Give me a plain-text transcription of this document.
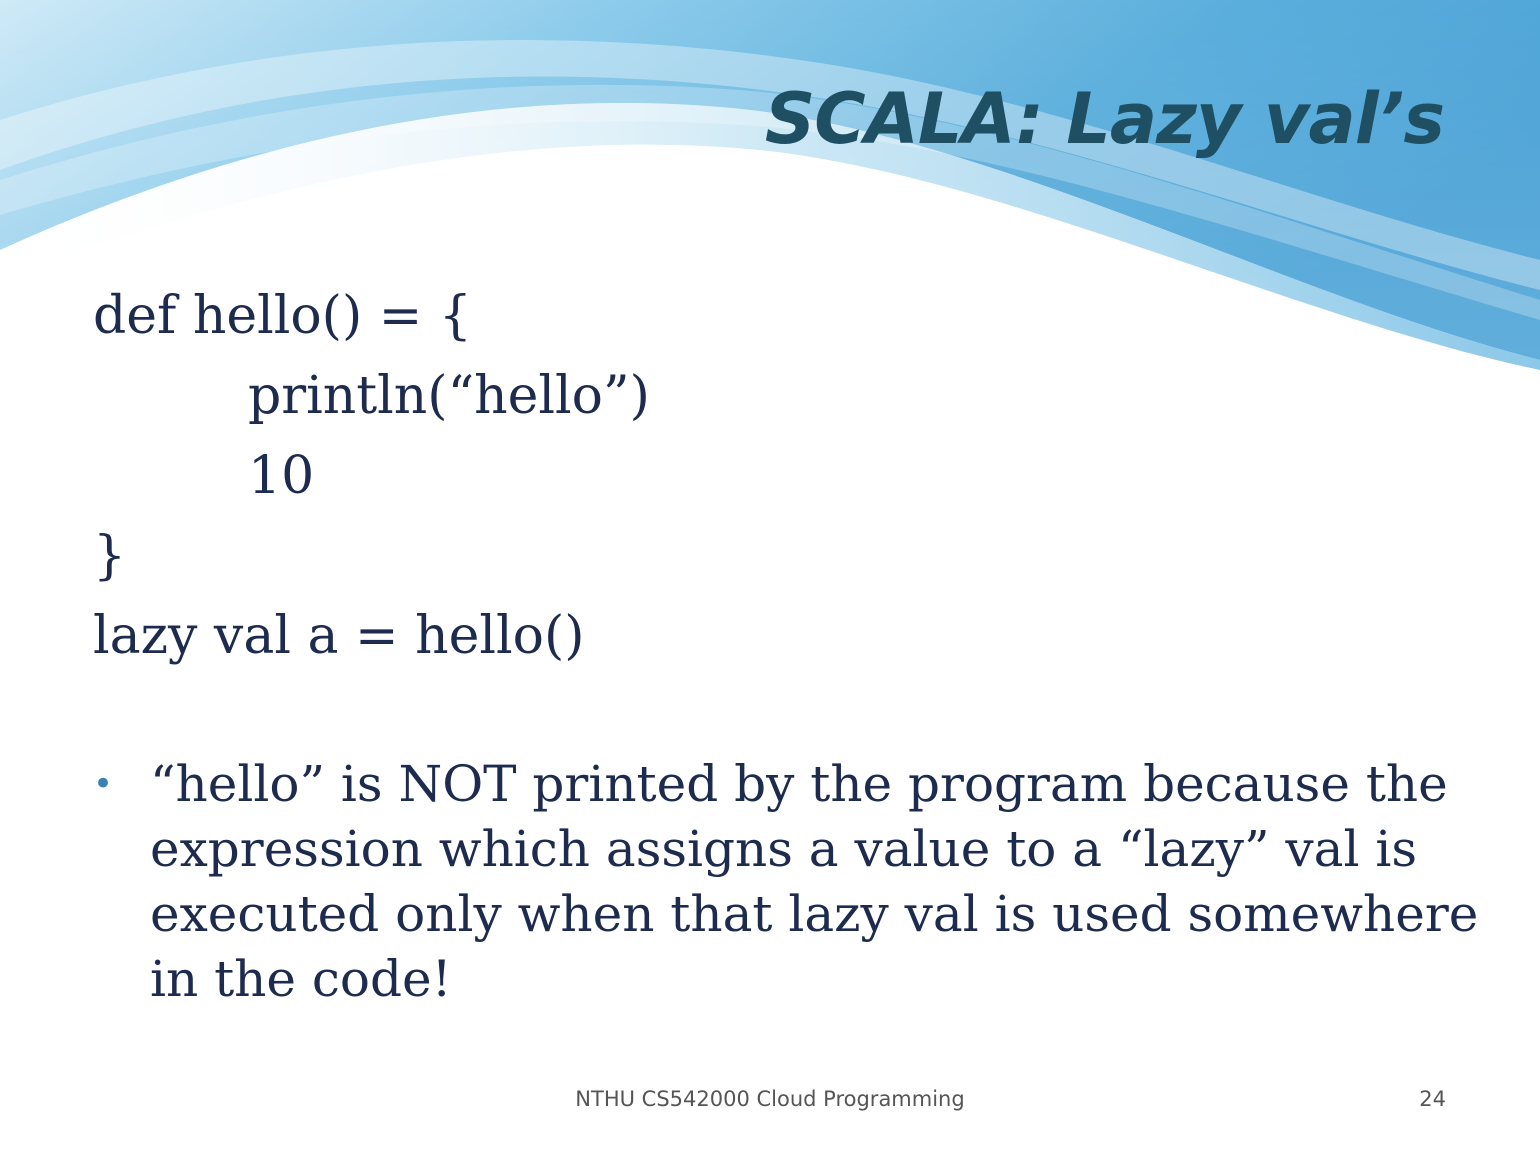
SCALA: Lazy val’s
def hello() = {
println(“hello”)
10
}
lazy val a = hello()
• “hello” is NOT printed by the program because the expression which assigns a value to a “lazy” val is executed only when that lazy val is used somewhere in the code!
NTHU CS542000 Cloud Programming	24
